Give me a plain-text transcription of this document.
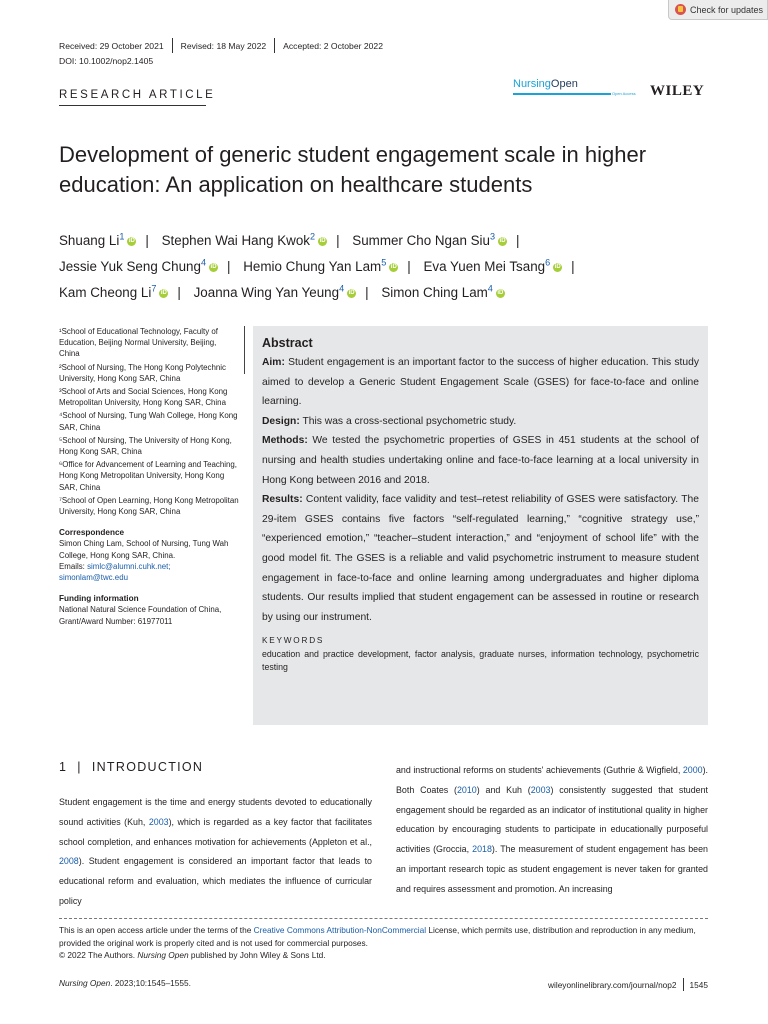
Check for updates
Received: 29 October 2021	Revised: 18 May 2022	Accepted: 2 October 2022
DOI: 10.1002/nop2.1405
RESEARCH ARTICLE
NursingOpen
Open Access WILEY
Development of generic student engagement scale in higher education: An application on healthcare students
Shuang Li$^1$ iD | Stephen Wai Hang Kwok$^2$ iD | Summer Cho Ngan Siu$^3$ iD |
Jessie Yuk Seng Chung$^4$ iD | Hemio Chung Yan Lam$^5$ iD | Eva Yuen Mei Tsang$^6$ iD |
Kam Cheong Li$^7$ iD | Joanna Wing Yan Yeung$^4$ iD | Simon Ching Lam$^4$ iD

¹School of Educational Technology, Faculty of Education, Beijing Normal University, Beijing, China

²School of Nursing, The Hong Kong Polytechnic University, Hong Kong SAR, China

³School of Arts and Social Sciences, Hong Kong Metropolitan University, Hong Kong SAR, China

⁴School of Nursing, Tung Wah College, Hong Kong SAR, China

⁵School of Nursing, The University of Hong Kong, Hong Kong SAR, China

⁶Office for Advancement of Learning and Teaching, Hong Kong Metropolitan University, Hong Kong SAR, China

⁷School of Open Learning, Hong Kong Metropolitan University, Hong Kong SAR, China

Correspondence

Simon Ching Lam, School of Nursing, Tung Wah College, Hong Kong SAR, China.
Emails: simlc@alumni.cuhk.net;
simonlam@twc.edu

Funding information

National Natural Science Foundation of China, Grant/Award Number: 61977011

Abstract

Aim: Student engagement is an important factor to the success of higher education. This study aimed to develop a Generic Student Engagement Scale (GSES) for face-to-face and online learning.

Design: This was a cross-sectional psychometric study.

Methods: We tested the psychometric properties of GSES in 451 students at the school of nursing and health studies undertaking online and face-to-face learning at a local university in Hong Kong between 2016 and 2018.

Results: Content validity, face validity and test–retest reliability of GSES were satisfactory. The 29-item GSES contains five factors “self-regulated learning,” “cognitive strategy use,” “experienced emotion,” “teacher–student interaction,” and “enjoyment of school life” with the good model fit. The GSES is a reliable and valid psychometric instrument to measure student engagement in face-to-face and online learning among undergraduates and higher diploma students. Our results implied that student engagement can be assessed in routine or research by using our instrument.

KEYWORDS

education and practice development, factor analysis, graduate nurses, information technology, psychometric testing

1 | INTRODUCTION

Student engagement is the time and energy students devoted to educationally sound activities (Kuh, 2003), which is regarded as a key factor that facilitates school completion, and enhances motivation for achievements (Appleton et al., 2008). Student engagement is considered an important factor that leads to educational reform and evaluation, which mediates the influence of curricular policy

and instructional reforms on students' achievements (Guthrie & Wigfield, 2000). Both Coates (2010) and Kuh (2003) consistently suggested that student engagement should be regarded as an indicator of institutional quality in higher education by encouraging students to participate in educationally purposeful activities (Groccia, 2018). The measurement of student engagement has been an important research topic as student engagement is never taken for granted and requires assessment and promotion. An increasing

This is an open access article under the terms of the Creative Commons Attribution-NonCommercial License, which permits use, distribution and reproduction in any medium, provided the original work is properly cited and is not used for commercial purposes.

© 2022 The Authors. Nursing Open published by John Wiley & Sons Ltd.
Nursing Open. 2023;10:1545–1555.	wileyonlinelibrary.com/journal/nop2 1545
